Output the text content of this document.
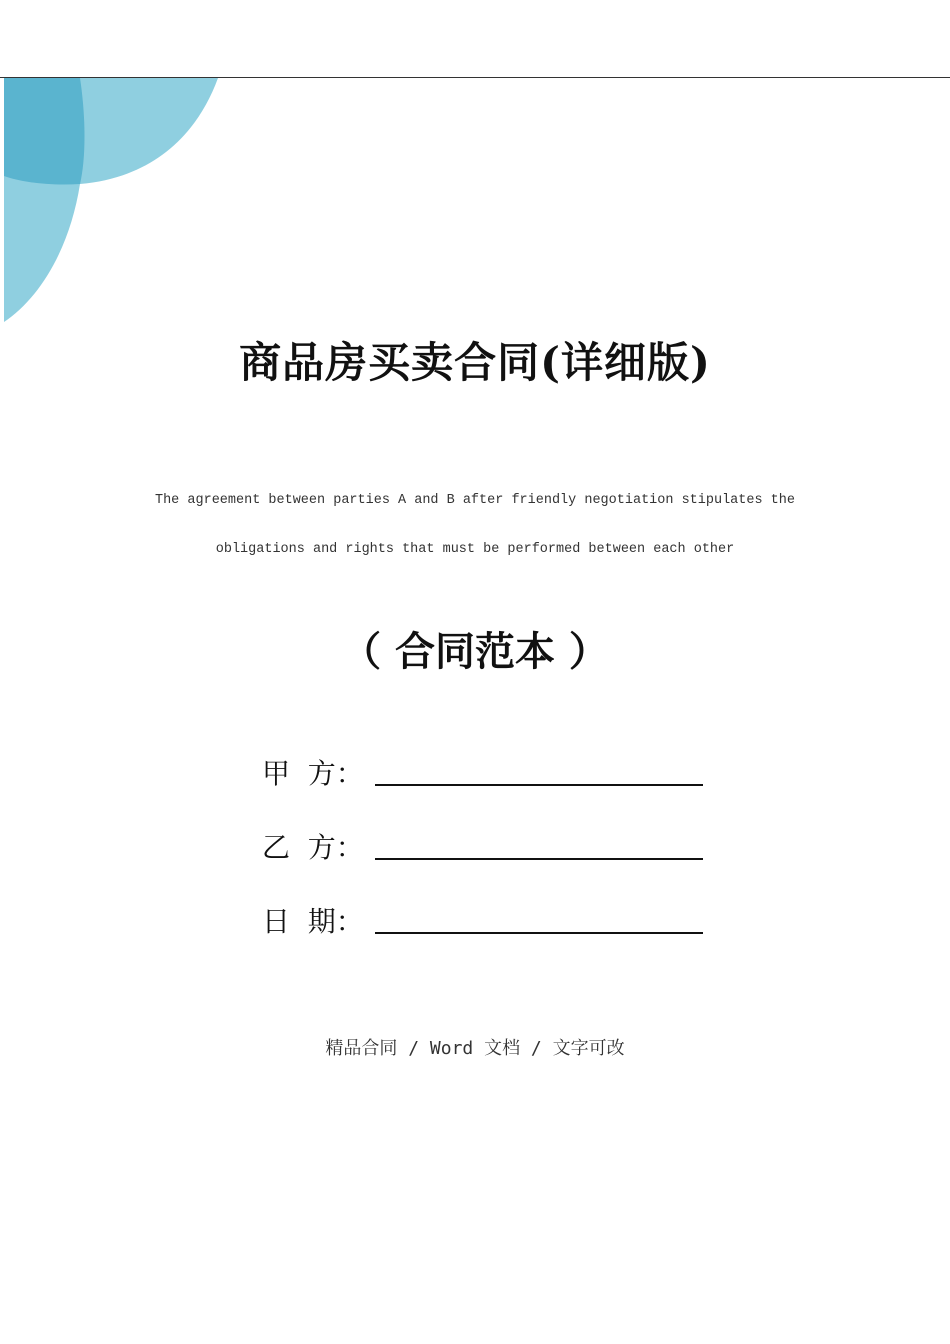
商品房买卖合同(详细版)

The agreement between parties A and B after friendly negotiation stipulates the

obligations and rights that must be performed between each other

（ 合同范本 ）

甲  方：
乙  方：
日  期：

精品合同 / Word 文档 / 文字可改
